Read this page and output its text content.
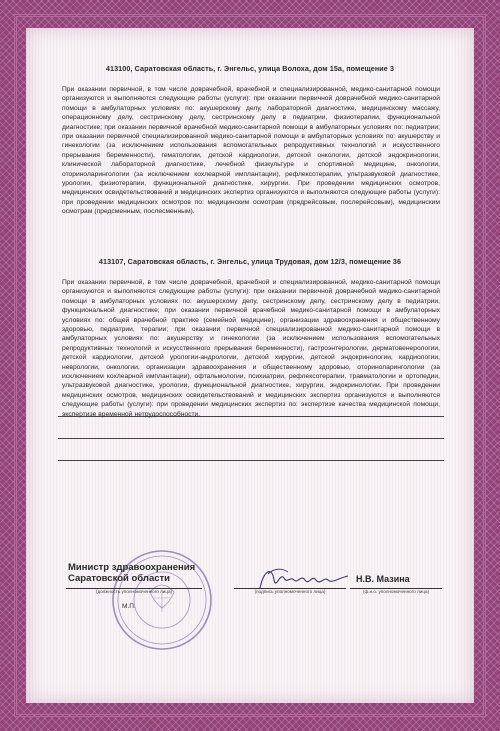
413100, Саратовская область, г. Энгельс, улица Волоха, дом 15а, помещение 3
При оказании первичной, в том числе доврачебной, врачебной и специализированной, медико-санитарной помощи организуются и выполняются следующие работы (услуги): при оказании первичной доврачебной медико-санитарной помощи в амбулаторных условиях по: акушерскому делу, лабораторной диагностике, медицинскому массажу, операционному делу, сестринскому делу, сестринскому делу в педиатрии, физиотерапии, функциональной диагностике; при оказании первичной врачебной медико-санитарной помощи в амбулаторных условиях по: педиатрии; при оказании первичной специализированной медико-санитарной помощи в амбулаторных условиях по: акушерству и гинекологии (за исключением использования вспомогательных репродуктивных технологий и искусственного прерывания беременности), гематологии, детской кардиологии, детской онкологии, детской эндокринологии, клинической лабораторной диагностике, лечебной физкультуре и спортивной медицине, онкологии, оториноларингологии (за исключением кохлеарной имплантации), рефлексотерапии, ультразвуковой диагностике, урологии, физиотерапии, функциональной диагностике, хирургии. При проведении медицинских осмотров, медицинских освидетельствований и медицинских экспертиз организуются и выполняются следующие работы (услуги): при проведении медицинских осмотров по: медицинским осмотрам (предрейсовым, послерейсовым), медицинским осмотрам (предсменным, послесменным).
413107, Саратовская область, г. Энгельс, улица Трудовая, дом 12/3, помещение 36
При оказании первичной, в том числе доврачебной, врачебной и специализированной, медико-санитарной помощи организуются и выполняются следующие работы (услуги): при оказании первичной доврачебной медико-санитарной помощи в амбулаторных условиях по: акушерскому делу, сестринскому делу, сестринскому делу в педиатрии, функциональной диагностике; при оказании первичной врачебной медико-санитарной помощи в амбулаторных условиях по: общей врачебной практике (семейной медицине), организации здравоохранения и общественному здоровью, педиатрии, терапии; при оказании первичной специализированной медико-санитарной помощи в амбулаторных условиях по: акушерству и гинекологии (за исключением использования вспомогательных репродуктивных технологий и искусственного прерывания беременности), гастроэнтерологии, дерматовенерологии, детской кардиологии, детской урологии-андрологии, детской хирургии, детской эндокринологии, кардиологии, неврологии, онкологии, организации здравоохранения и общественному здоровью, оториноларингологии (за исключением кохлеарной имплантации), офтальмологии, психиатрии, рефлексотерапии, травматологии и ортопедии, ультразвуковой диагностике, урологии, функциональной диагностике, хирургии, эндокринологии. При проведении медицинских осмотров, медицинских освидетельствований и медицинских экспертиз организуются и выполняются следующие работы (услуги): при проведении медицинских экспертиз по: экспертизе качества медицинской помощи, экспертизе временной нетрудоспособности.
Министр здравоохранения
Саратовской области
(должность уполномоченного лица)
М.П.
(подпись уполномоченного лица)
Н.В. Мазина
(ф.и.о. уполномоченного лица)
